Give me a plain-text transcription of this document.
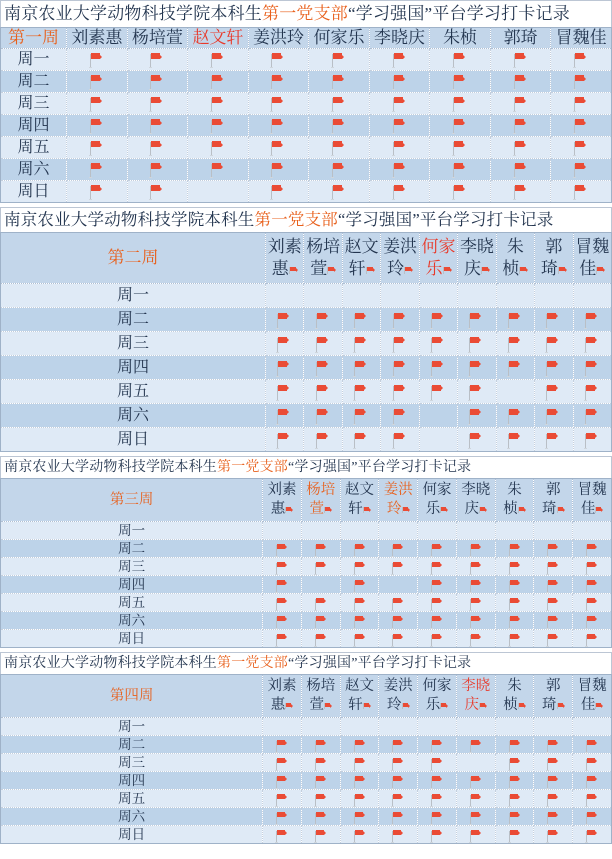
南京农业大学动物科技学院本科生第一党支部“学习强国”平台学习打卡记录
第一周	刘素惠	杨培萱	赵文轩	姜洪玲	何家乐	李晓庆	朱桢	郭琦	冒魏佳
周一	

周二	

周三	

周四	

周五	

周六	

周日	

南京农业大学动物科技学院本科生第一党支部“学习强国”平台学习打卡记录
第二周	刘素
惠	杨培
萱	赵文
轩	姜洪
玲	何家
乐	李晓
庆	朱
桢	郭
琦	冒魏
佳

周一									
周二	

周三	

周四	

周五	

周六	

周日	

南京农业大学动物科技学院本科生第一党支部“学习强国”平台学习打卡记录
第三周	刘素
惠	杨培
萱	赵文
轩	姜洪
玲	何家
乐	李晓
庆	朱
桢	郭
琦	冒魏
佳

周一									
周二	

周三	

周四	

周五	

周六	

周日	

南京农业大学动物科技学院本科生第一党支部“学习强国”平台学习打卡记录
第四周	刘素
惠	杨培
萱	赵文
轩	姜洪
玲	何家
乐	李晓
庆	朱
桢	郭
琦	冒魏
佳

周一									
周二	

周三	

周四	

周五	

周六	

周日	
